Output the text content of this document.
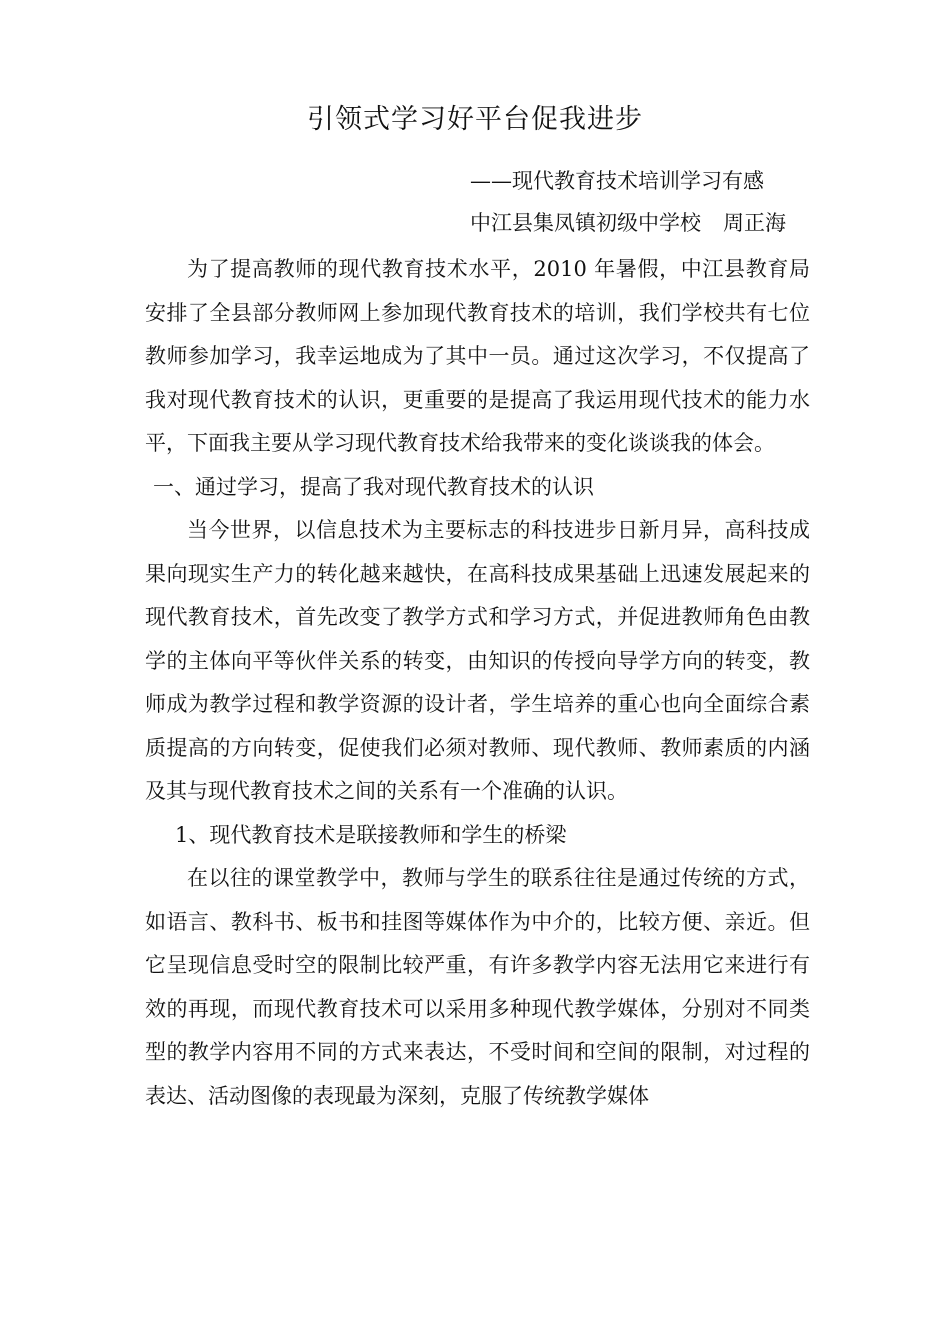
引领式学习好平台促我进步
——现代教育技术培训学习有感
中江县集凤镇初级中学校 周正海

为了提高教师的现代教育技术水平，2010 年暑假，中江县教育局安排了全县部分教师网上参加现代教育技术的培训，我们学校共有七位教师参加学习，我幸运地成为了其中一员。通过这次学习，不仅提高了我对现代教育技术的认识，更重要的是提高了我运用现代技术的能力水平，下面我主要从学习现代教育技术给我带来的变化谈谈我的体会。

一、通过学习，提高了我对现代教育技术的认识

当今世界，以信息技术为主要标志的科技进步日新月异，高科技成果向现实生产力的转化越来越快，在高科技成果基础上迅速发展起来的现代教育技术，首先改变了教学方式和学习方式，并促进教师角色由教学的主体向平等伙伴关系的转变，由知识的传授向导学方向的转变，教师成为教学过程和教学资源的设计者，学生培养的重心也向全面综合素质提高的方向转变，促使我们必须对教师、现代教师、教师素质的内涵及其与现代教育技术之间的关系有一个准确的认识。

1、现代教育技术是联接教师和学生的桥梁

在以往的课堂教学中，教师与学生的联系往往是通过传统的方式，如语言、教科书、板书和挂图等媒体作为中介的，比较方便、亲近。但它呈现信息受时空的限制比较严重，有许多教学内容无法用它来进行有效的再现，而现代教育技术可以采用多种现代教学媒体，分别对不同类型的教学内容用不同的方式来表达，不受时间和空间的限制，对过程的表达、活动图像的表现最为深刻，克服了传统教学媒体
